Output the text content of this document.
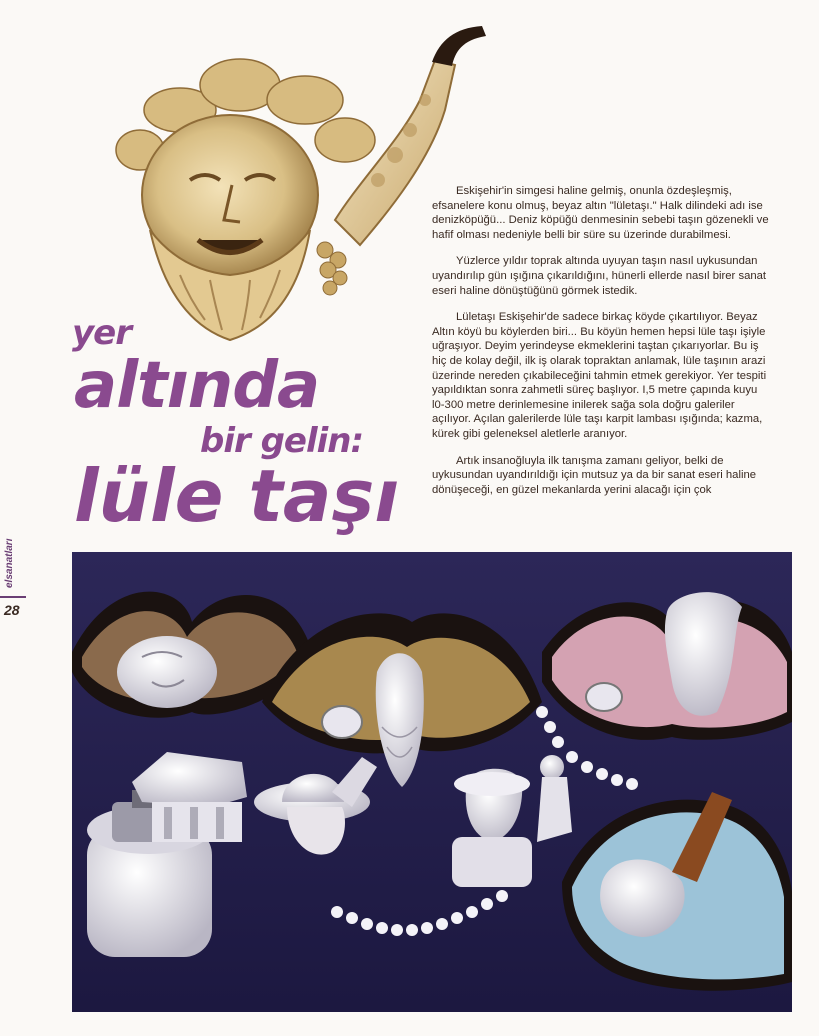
yer
altında
bir gelin:
lüle taşı

Eskişehir'in simgesi haline gelmiş, onunla özdeşleşmiş, efsanelere konu olmuş, beyaz altın "lületaşı." Halk dilindeki adı ise denizköpüğü... Deniz köpüğü denmesinin sebebi taşın gözenekli ve hafif olması nedeniyle belli bir süre su üzerinde durabilmesi.

Yüzlerce yıldır toprak altında uyuyan taşın nasıl uykusundan uyandırılıp gün ışığına çıkarıldığını, hünerli ellerde nasıl birer sanat eseri haline dönüştüğünü görmek istedik.

Lületaşı Eskişehir'de sadece birkaç köyde çıkartılıyor. Beyaz Altın köyü bu köylerden biri... Bu köyün hemen hepsi lüle taşı işiyle uğraşıyor. Deyim yerindeyse ekmeklerini taştan çıkarıyorlar. Bu iş hiç de kolay değil, ilk iş olarak topraktan anlamak, lüle taşının arazi üzerinde nereden çıkabileceğini tahmin etmek gerekiyor. Yer tespiti yapıldıktan sonra zahmetli süreç başlıyor. I,5 metre çapında kuyu l0-300 metre derinlemesine inilerek sağa sola doğru galeriler açılıyor. Açılan galerilerde lüle taşı karpit lambası ışığında; kazma, kürek gibi geleneksel aletlerle aranıyor.

Artık insanoğluyla ilk tanışma zamanı geliyor, belki de uykusundan uyandırıldığı için mutsuz ya da bir sanat eseri haline dönüşeceği, en güzel mekanlarda yerini alacağı için çok

elsanatları
28
